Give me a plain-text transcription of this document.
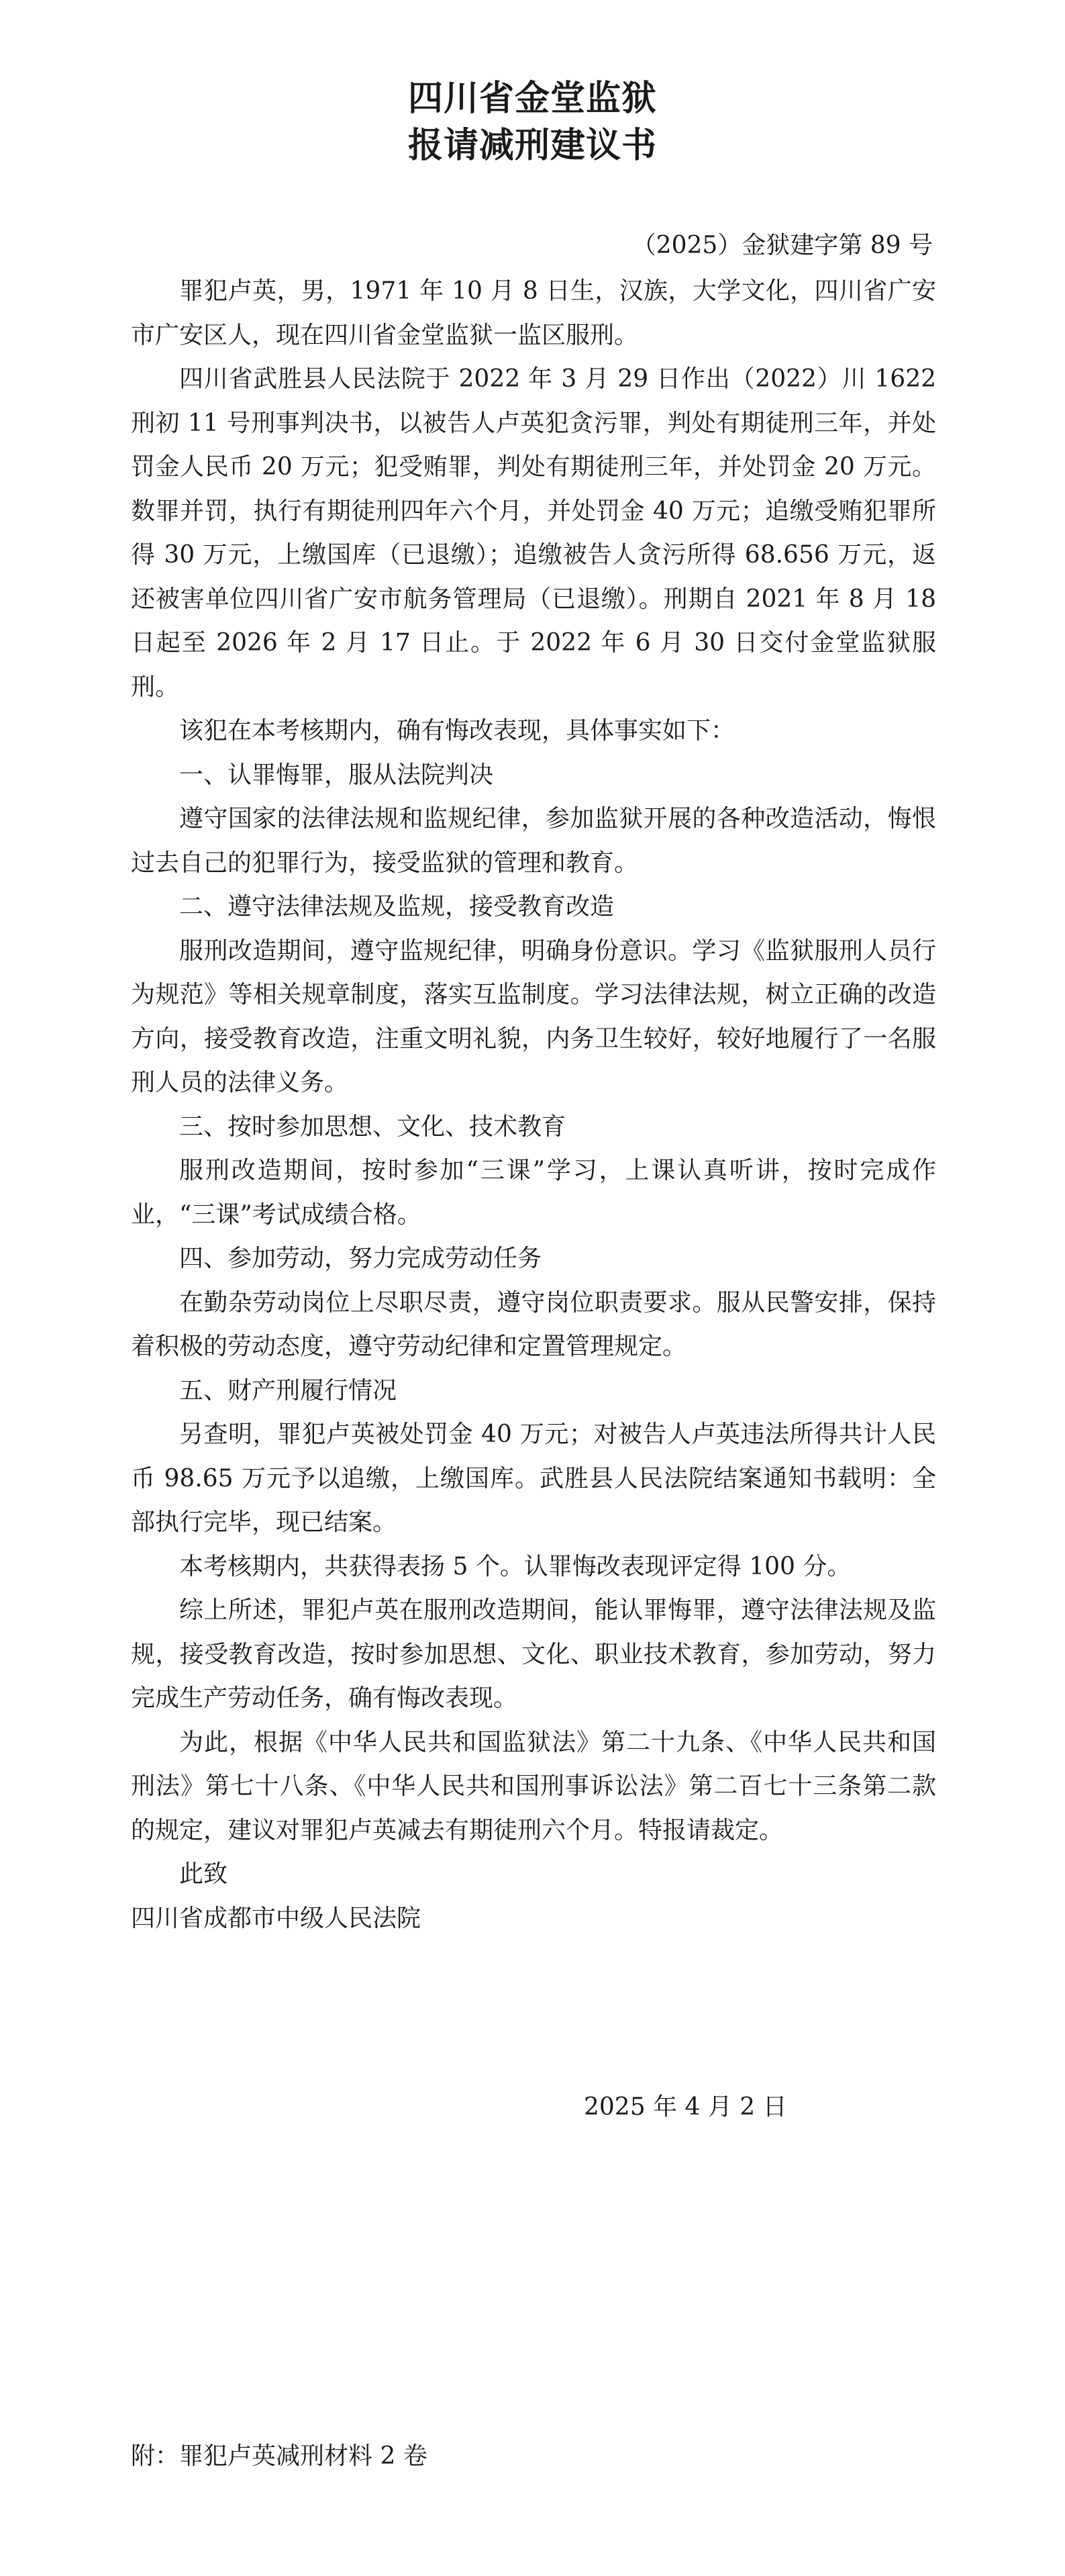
四川省金堂监狱
报请减刑建议书
（2025）金狱建字第 89 号

罪犯卢英，男，1971 年 10 月 8 日生，汉族，大学文化，四川省广安市广安区人，现在四川省金堂监狱一监区服刑。

四川省武胜县人民法院于 2022 年 3 月 29 日作出（2022）川 1622 刑初 11 号刑事判决书，以被告人卢英犯贪污罪，判处有期徒刑三年，并处罚金人民币 20 万元；犯受贿罪，判处有期徒刑三年，并处罚金 20 万元。数罪并罚，执行有期徒刑四年六个月，并处罚金 40 万元；追缴受贿犯罪所得 30 万元，上缴国库（已退缴）；追缴被告人贪污所得 68.656 万元，返还被害单位四川省广安市航务管理局（已退缴）。刑期自 2021 年 8 月 18 日起至 2026 年 2 月 17 日止。于 2022 年 6 月 30 日交付金堂监狱服刑。

该犯在本考核期内，确有悔改表现，具体事实如下：

一、认罪悔罪，服从法院判决

遵守国家的法律法规和监规纪律，参加监狱开展的各种改造活动，悔恨过去自己的犯罪行为，接受监狱的管理和教育。

二、遵守法律法规及监规，接受教育改造

服刑改造期间，遵守监规纪律，明确身份意识。学习《监狱服刑人员行为规范》等相关规章制度，落实互监制度。学习法律法规，树立正确的改造方向，接受教育改造，注重文明礼貌，内务卫生较好，较好地履行了一名服刑人员的法律义务。

三、按时参加思想、文化、技术教育

服刑改造期间，按时参加“三课”学习，上课认真听讲，按时完成作业，“三课”考试成绩合格。

四、参加劳动，努力完成劳动任务

在勤杂劳动岗位上尽职尽责，遵守岗位职责要求。服从民警安排，保持着积极的劳动态度，遵守劳动纪律和定置管理规定。

五、财产刑履行情况

另查明，罪犯卢英被处罚金 40 万元；对被告人卢英违法所得共计人民币 98.65 万元予以追缴，上缴国库。武胜县人民法院结案通知书载明：全部执行完毕，现已结案。

本考核期内，共获得表扬 5 个。认罪悔改表现评定得 100 分。

综上所述，罪犯卢英在服刑改造期间，能认罪悔罪，遵守法律法规及监规，接受教育改造，按时参加思想、文化、职业技术教育，参加劳动，努力完成生产劳动任务，确有悔改表现。

为此，根据《中华人民共和国监狱法》第二十九条、《中华人民共和国刑法》第七十八条、《中华人民共和国刑事诉讼法》第二百七十三条第二款的规定，建议对罪犯卢英减去有期徒刑六个月。特报请裁定。

此致

四川省成都市中级人民法院

2025 年 4 月 2 日
附：罪犯卢英减刑材料 2 卷
